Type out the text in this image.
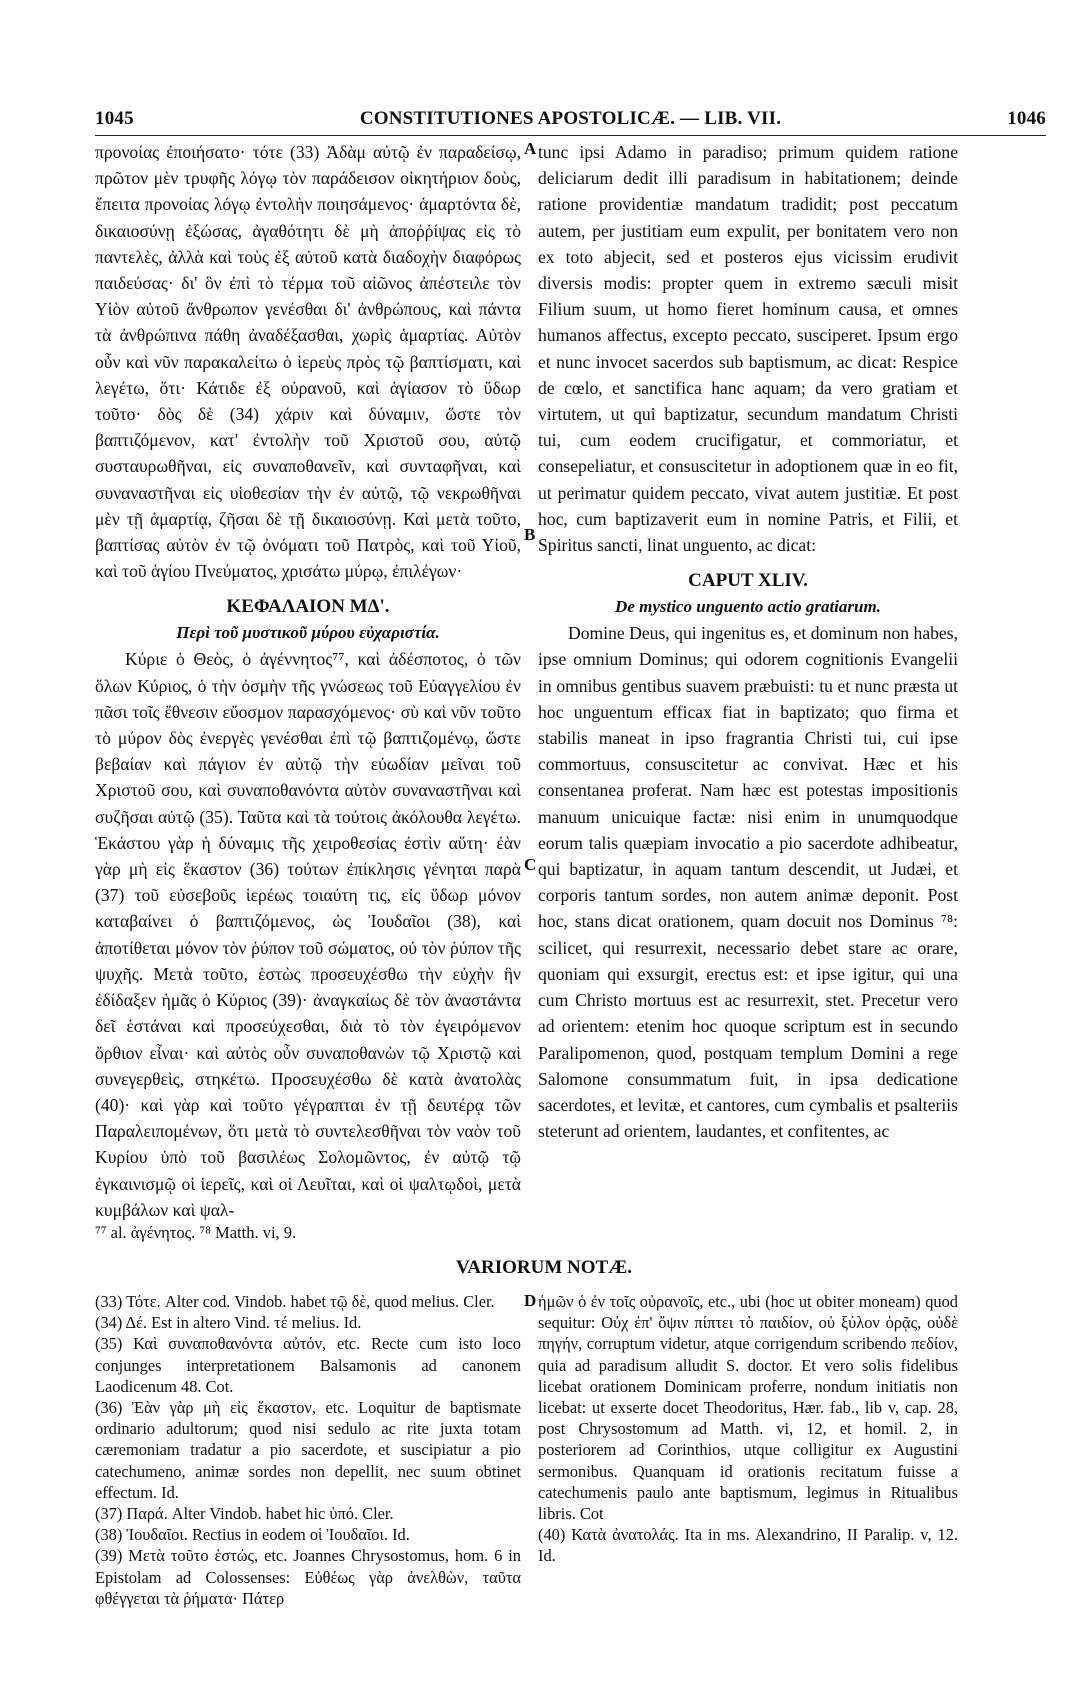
1045	CONSTITUTIONES APOSTOLICÆ. — LIB. VII.	1046

προνοίας ἐποιήσατο· τότε (33) Ἀδὰμ αὐτῷ ἐν παραδείσῳ, πρῶτον μὲν τρυφῆς λόγῳ τὸν παράδεισον οἰκητήριον δοὺς, ἔπειτα προνοίας λόγῳ ἐντολὴν ποιησάμενος· ἁμαρτόντα δὲ, δικαιοσύνῃ ἐξώσας, ἀγαθότητι δὲ μὴ ἀποῤῥίψας εἰς τὸ παντελὲς, ἀλλὰ καὶ τοὺς ἐξ αὐτοῦ κατὰ διαδοχὴν διαφόρως παιδεύσας· δι' ὃν ἐπὶ τὸ τέρμα τοῦ αἰῶνος ἀπέστειλε τὸν Υἱὸν αὐτοῦ ἄνθρωπον γενέσθαι δι' ἀνθρώπους, καὶ πάντα τὰ ἀνθρώπινα πάθη ἀναδέξασθαι, χωρὶς ἁμαρτίας. Αὐτὸν οὖν καὶ νῦν παρακαλείτω ὁ ἱερεὺς πρὸς τῷ βαπτίσματι, καὶ λεγέτω, ὅτι· Κάτιδε ἐξ οὐρανοῦ, καὶ ἁγίασον τὸ ὕδωρ τοῦτο· δὸς δὲ (34) χάριν καὶ δύναμιν, ὥστε τὸν βαπτιζόμενον, κατ' ἐντολὴν τοῦ Χριστοῦ σου, αὐτῷ συσταυρωθῆναι, εἰς συναποθανεῖν, καὶ συνταφῆναι, καὶ συναναστῆναι εἰς υἱοθεσίαν τὴν ἐν αὐτῷ, τῷ νεκρωθῆναι μὲν τῇ ἁμαρτίᾳ, ζῆσαι δὲ τῇ δικαιοσύνῃ. Καὶ μετὰ τοῦτο, βαπτίσας αὐτὸν ἐν τῷ ὀνόματι τοῦ Πατρὸς, καὶ τοῦ Υἱοῦ, καὶ τοῦ ἁγίου Πνεύματος, χρισάτω μύρῳ, ἐπιλέγων·

ΚΕΦΑΛΑΙΟΝ ΜΔ'.

Περὶ τοῦ μυστικοῦ μύρου εὐχαριστία.

Κύριε ὁ Θεὸς, ὁ ἀγέννητος⁷⁷, καὶ ἀδέσποτος, ὁ τῶν ὅλων Κύριος, ὁ τὴν ὀσμὴν τῆς γνώσεως τοῦ Εὐαγγελίου ἐν πᾶσι τοῖς ἔθνεσιν εὔοσμον παρασχόμενος· σὺ καὶ νῦν τοῦτο τὸ μύρον δὸς ἐνεργὲς γενέσθαι ἐπὶ τῷ βαπτιζομένῳ, ὥστε βεβαίαν καὶ πάγιον ἐν αὐτῷ τὴν εὐωδίαν μεῖναι τοῦ Χριστοῦ σου, καὶ συναποθανόντα αὐτὸν συναναστῆναι καὶ συζῆσαι αὐτῷ (35). Ταῦτα καὶ τὰ τούτοις ἀκόλουθα λεγέτω. Ἑκάστου γὰρ ἡ δύναμις τῆς χειροθεσίας ἐστὶν αὕτη· ἐὰν γὰρ μὴ εἰς ἕκαστον (36) τούτων ἐπίκλησις γένηται παρὰ (37) τοῦ εὐσεβοῦς ἱερέως τοιαύτη τις, εἰς ὕδωρ μόνον καταβαίνει ὁ βαπτιζόμενος, ὡς Ἰουδαῖοι (38), καὶ ἀποτίθεται μόνον τὸν ῥύπον τοῦ σώματος, οὐ τὸν ῥύπον τῆς ψυχῆς. Μετὰ τοῦτο, ἑστὼς προσευχέσθω τὴν εὐχὴν ἣν ἐδίδαξεν ἡμᾶς ὁ Κύριος (39)· ἀναγκαίως δὲ τὸν ἀναστάντα δεῖ ἑστάναι καὶ προσεύχεσθαι, διὰ τὸ τὸν ἐγειρόμενον ὄρθιον εἶναι· καὶ αὐτὸς οὖν συναποθανὼν τῷ Χριστῷ καὶ συνεγερθεὶς, στηκέτω. Προσευχέσθω δὲ κατὰ ἀνατολὰς (40)· καὶ γὰρ καὶ τοῦτο γέγραπται ἐν τῇ δευτέρᾳ τῶν Παραλειπομένων, ὅτι μετὰ τὸ συντελεσθῆναι τὸν ναὸν τοῦ Κυρίου ὑπὸ τοῦ βασιλέως Σολομῶντος, ἐν αὐτῷ τῷ ἐγκαινισμῷ οἱ ἱερεῖς, καὶ οἱ Λευῖται, καὶ οἱ ψαλτῳδοὶ, μετὰ κυμβάλων καὶ ψαλ-

A
B
C
D

tunc ipsi Adamo in paradiso; primum quidem ratione deliciarum dedit illi paradisum in habitationem; deinde ratione providentiæ mandatum tradidit; post peccatum autem, per justitiam eum expulit, per bonitatem vero non ex toto abjecit, sed et posteros ejus vicissim erudivit diversis modis: propter quem in extremo sæculi misit Filium suum, ut homo fieret hominum causa, et omnes humanos affectus, excepto peccato, susciperet. Ipsum ergo et nunc invocet sacerdos sub baptismum, ac dicat: Respice de cœlo, et sanctifica hanc aquam; da vero gratiam et virtutem, ut qui baptizatur, secundum mandatum Christi tui, cum eodem crucifigatur, et commoriatur, et consepeliatur, et consuscitetur in adoptionem quæ in eo fit, ut perimatur quidem peccato, vivat autem justitiæ. Et post hoc, cum baptizaverit eum in nomine Patris, et Filii, et Spiritus sancti, linat unguento, ac dicat:

CAPUT XLIV.

De mystico unguento actio gratiarum.

Domine Deus, qui ingenitus es, et dominum non habes, ipse omnium Dominus; qui odorem cognitionis Evangelii in omnibus gentibus suavem præbuisti: tu et nunc præsta ut hoc unguentum efficax fiat in baptizato; quo firma et stabilis maneat in ipso fragrantia Christi tui, cui ipse commortuus, consuscitetur ac convivat. Hæc et his consentanea proferat. Nam hæc est potestas impositionis manuum unicuique factæ: nisi enim in unumquodque eorum talis quæpiam invocatio a pio sacerdote adhibeatur, qui baptizatur, in aquam tantum descendit, ut Judæi, et corporis tantum sordes, non autem animæ deponit. Post hoc, stans dicat orationem, quam docuit nos Dominus ⁷⁸: scilicet, qui resurrexit, necessario debet stare ac orare, quoniam qui exsurgit, erectus est: et ipse igitur, qui una cum Christo mortuus est ac resurrexit, stet. Precetur vero ad orientem: etenim hoc quoque scriptum est in secundo Paralipomenon, quod, postquam templum Domini a rege Salomone consummatum fuit, in ipsa dedicatione sacerdotes, et levitæ, et cantores, cum cymbalis et psalteriis steterunt ad orientem, laudantes, et confitentes, ac

⁷⁷ al. ἀγένητος. ⁷⁸ Matth. vi, 9.
VARIORUM NOTÆ.

(33) Τότε. Alter cod. Vindob. habet τῷ δὲ, quod melius. Cler.

(34) Δέ. Est in altero Vind. τέ melius. Id.

(35) Καὶ συναποθανόντα αὐτόν, etc. Recte cum isto loco conjunges interpretationem Balsamonis ad canonem Laodicenum 48. Cot.

(36) Ἐὰν γὰρ μὴ εἰς ἕκαστον, etc. Loquitur de baptismate ordinario adultorum; quod nisi sedulo ac rite juxta totam cæremoniam tradatur a pio sacerdote, et suscipiatur a pio catechumeno, animæ sordes non depellit, nec suum obtinet effectum. Id.

(37) Παρά. Alter Vindob. habet hic ὑπό. Cler.

(38) Ἰουδαῖοι. Rectius in eodem οἱ Ἰουδαῖοι. Id.

(39) Μετὰ τοῦτο ἑστώς, etc. Joannes Chrysostomus, hom. 6 in Epistolam ad Colossenses: Εὐθέως γὰρ ἀνελθὼν, ταῦτα φθέγγεται τὰ ῥήματα· Πάτερ

ἡμῶν ὁ ἐν τοῖς οὐρανοῖς, etc., ubi (hoc ut obiter moneam) quod sequitur: Οὐχ ἐπ' ὄψιν πίπτει τὸ παιδίον, οὐ ξύλον ὁρᾷς, οὐδὲ πηγήν, corruptum videtur, atque corrigendum scribendo πεδίον, quia ad paradisum alludit S. doctor. Et vero solis fidelibus licebat orationem Dominicam proferre, nondum initiatis non licebat: ut exserte docet Theodoritus, Hær. fab., lib v, cap. 28, post Chrysostomum ad Matth. vi, 12, et homil. 2, in posteriorem ad Corinthios, utque colligitur ex Augustini sermonibus. Quanquam id orationis recitatum fuisse a catechumenis paulo ante baptismum, legimus in Ritualibus libris. Cot

(40) Κατὰ ἀνατολάς. Ita in ms. Alexandrino, II Paralip. v, 12. Id.
